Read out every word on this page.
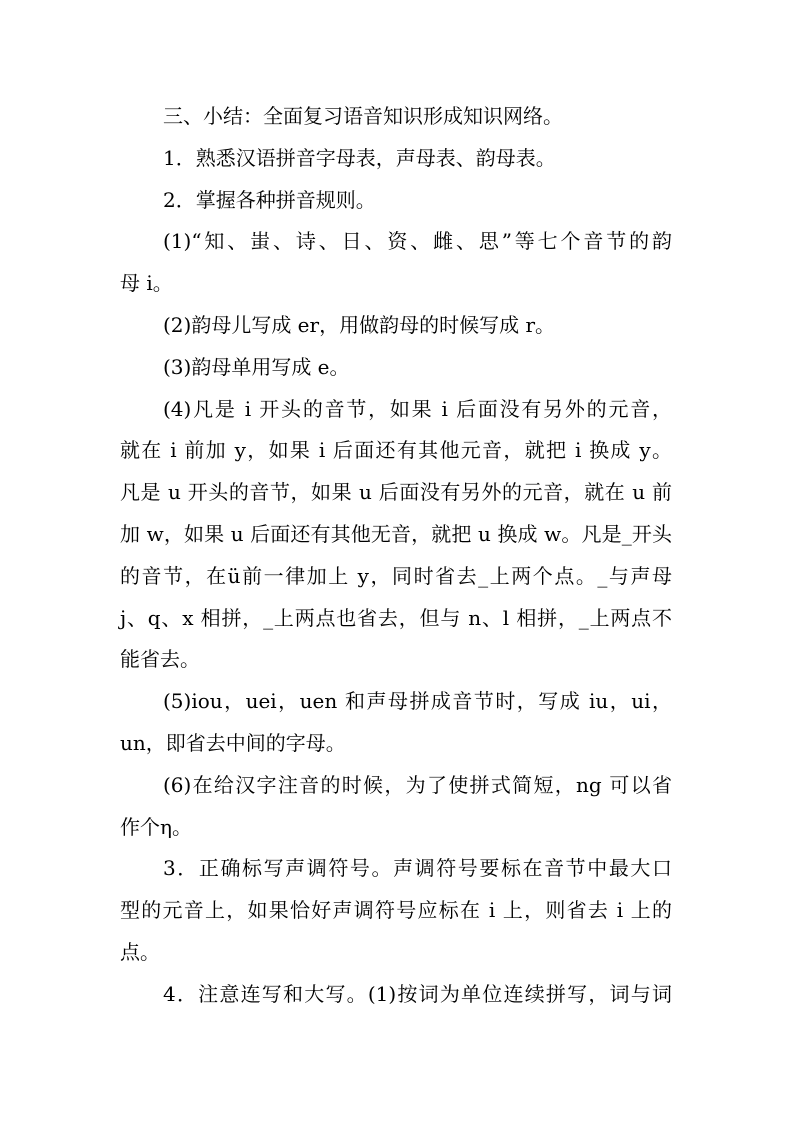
三、小结：全面复习语音知识形成知识网络。
1．熟悉汉语拼音字母表，声母表、韵母表。
2．掌握各种拼音规则。
(1)“知、蚩、诗、日、资、雌、思”等七个音节的韵
母 i。
(2)韵母儿写成 er，用做韵母的时候写成 r。
(3)韵母单用写成 e。
(4)凡是 i 开头的音节，如果 i 后面没有另外的元音，
就在 i 前加 y，如果 i 后面还有其他元音，就把 i 换成 y。
凡是 u 开头的音节，如果 u 后面没有另外的元音，就在 u 前
加 w，如果 u 后面还有其他无音，就把 u 换成 w。凡是_开头
的音节，在ü前一律加上 y，同时省去_上两个点。_与声母
j、q、x 相拼，_上两点也省去，但与 n、l 相拼，_上两点不
能省去。
(5)iou，uei，uen 和声母拼成音节时，写成 iu，ui，
un，即省去中间的字母。
(6)在给汉字注音的时候，为了使拼式简短，ng 可以省
作个η。
3．正确标写声调符号。声调符号要标在音节中最大口
型的元音上，如果恰好声调符号应标在 i 上，则省去 i 上的
点。
4．注意连写和大写。(1)按词为单位连续拼写，词与词
